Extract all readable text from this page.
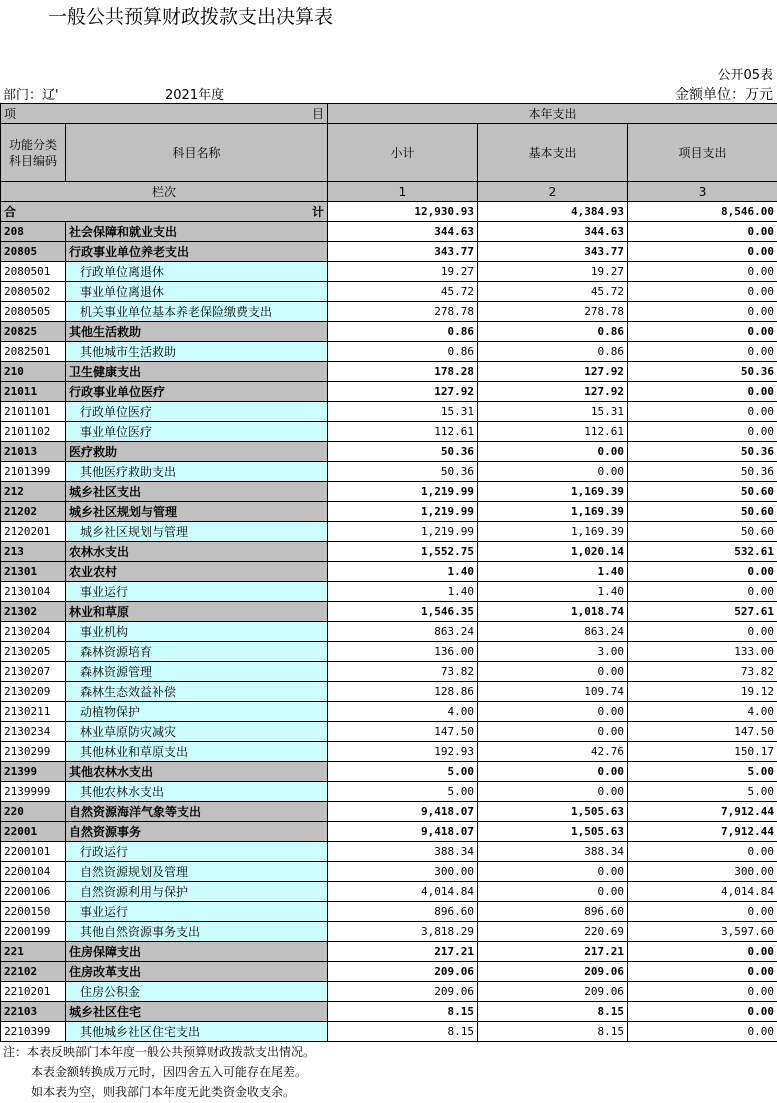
一般公共预算财政拨款支出决算表
公开05表
部门：辽'	2021年度	金额单位：万元
项 目		本年支出		
功能分类
科目编码	科目名称	小计	基本支出	项目支出
栏次		1	2	3

合 计		12,930.93	4,384.93	8,546.00
208	社会保障和就业支出	344.63	344.63	0.00
20805	行政事业单位养老支出	343.77	343.77	0.00
2080501	行政单位离退休	19.27	19.27	0.00
2080502	事业单位离退休	45.72	45.72	0.00
2080505	机关事业单位基本养老保险缴费支出	278.78	278.78	0.00
20825	其他生活救助	0.86	0.86	0.00
2082501	其他城市生活救助	0.86	0.86	0.00
210	卫生健康支出	178.28	127.92	50.36
21011	行政事业单位医疗	127.92	127.92	0.00
2101101	行政单位医疗	15.31	15.31	0.00
2101102	事业单位医疗	112.61	112.61	0.00
21013	医疗救助	50.36	0.00	50.36
2101399	其他医疗救助支出	50.36	0.00	50.36
212	城乡社区支出	1,219.99	1,169.39	50.60
21202	城乡社区规划与管理	1,219.99	1,169.39	50.60
2120201	城乡社区规划与管理	1,219.99	1,169.39	50.60
213	农林水支出	1,552.75	1,020.14	532.61
21301	农业农村	1.40	1.40	0.00
2130104	事业运行	1.40	1.40	0.00
21302	林业和草原	1,546.35	1,018.74	527.61
2130204	事业机构	863.24	863.24	0.00
2130205	森林资源培育	136.00	3.00	133.00
2130207	森林资源管理	73.82	0.00	73.82
2130209	森林生态效益补偿	128.86	109.74	19.12
2130211	动植物保护	4.00	0.00	4.00
2130234	林业草原防灾减灾	147.50	0.00	147.50
2130299	其他林业和草原支出	192.93	42.76	150.17
21399	其他农林水支出	5.00	0.00	5.00
2139999	其他农林水支出	5.00	0.00	5.00
220	自然资源海洋气象等支出	9,418.07	1,505.63	7,912.44
22001	自然资源事务	9,418.07	1,505.63	7,912.44
2200101	行政运行	388.34	388.34	0.00
2200104	自然资源规划及管理	300.00	0.00	300.00
2200106	自然资源利用与保护	4,014.84	0.00	4,014.84
2200150	事业运行	896.60	896.60	0.00
2200199	其他自然资源事务支出	3,818.29	220.69	3,597.60
221	住房保障支出	217.21	217.21	0.00
22102	住房改革支出	209.06	209.06	0.00
2210201	住房公积金	209.06	209.06	0.00
22103	城乡社区住宅	8.15	8.15	0.00
2210399	其他城乡社区住宅支出	8.15	8.15	0.00
注：本表反映部门本年度一般公共预算财政拨款支出情况。
本表金额转换成万元时，因四舍五入可能存在尾差。
如本表为空，则我部门本年度无此类资金收支余。
